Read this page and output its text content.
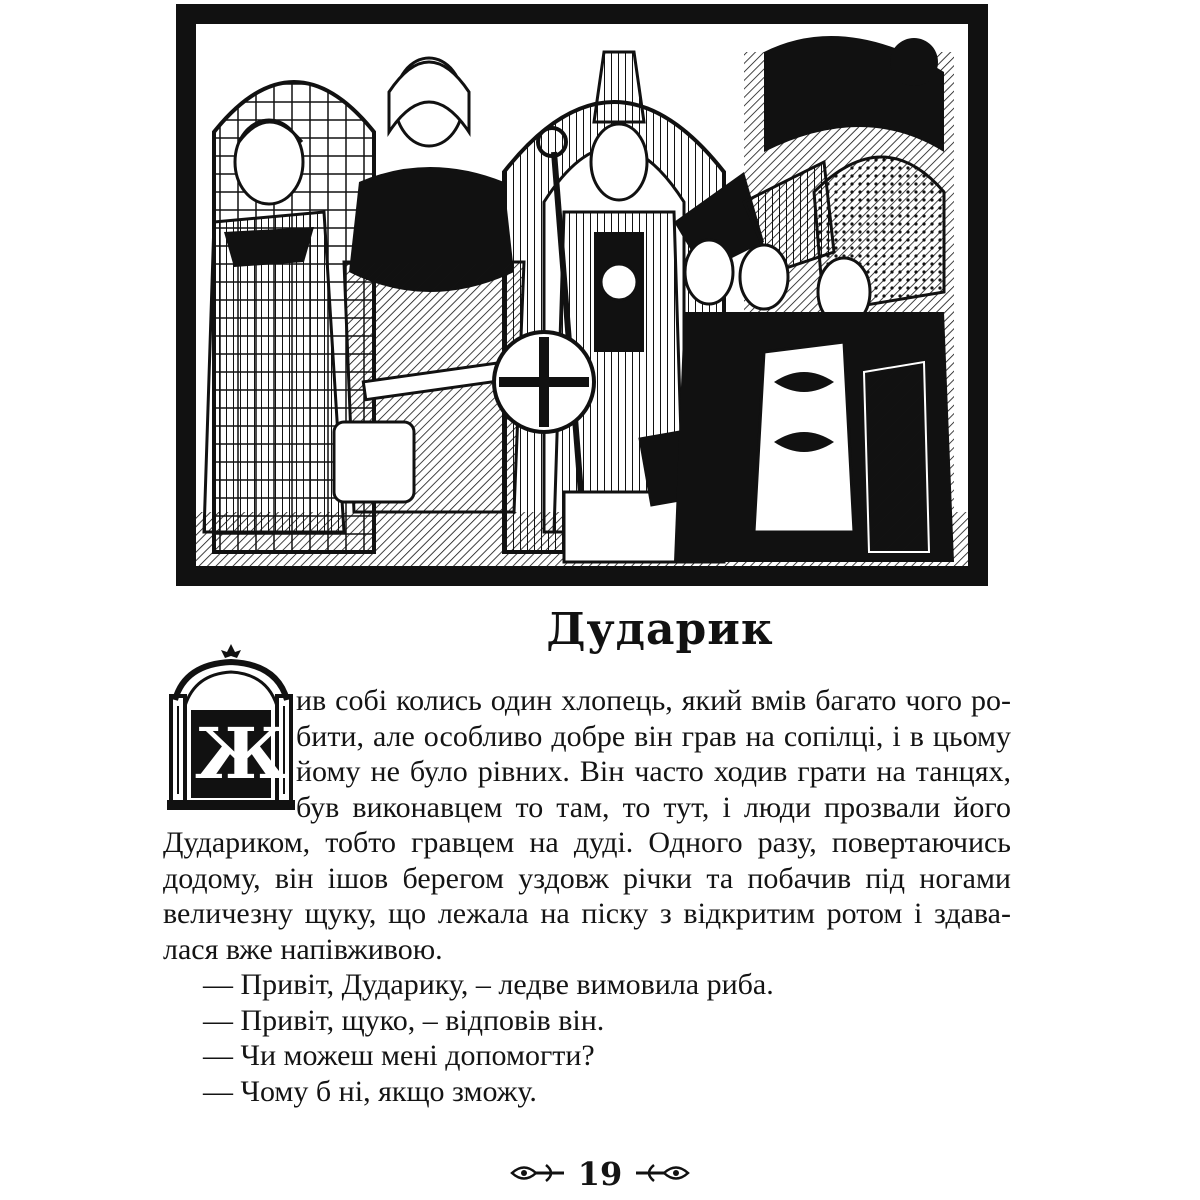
Дударик
Ж
ив собі колись один хлопець, який вмів багато чого ро-
бити, але особливо добре він грав на сопілці, і в цьому
йому не було рівних. Він часто ходив грати на танцях,
був виконавцем то там, то тут, і люди прозвали його
Дудариком, тобто гравцем на дуді. Одного разу, повертаючись
додому, він ішов берегом уздовж річки та побачив під ногами
величезну щуку, що лежала на піску з відкритим ротом і здава-
лася вже напівживою.
— Привіт, Дударику, – ледве вимовила риба.
— Привіт, щуко, – відповів він.
— Чи можеш мені допомогти?
— Чому б ні, якщо зможу.
19
